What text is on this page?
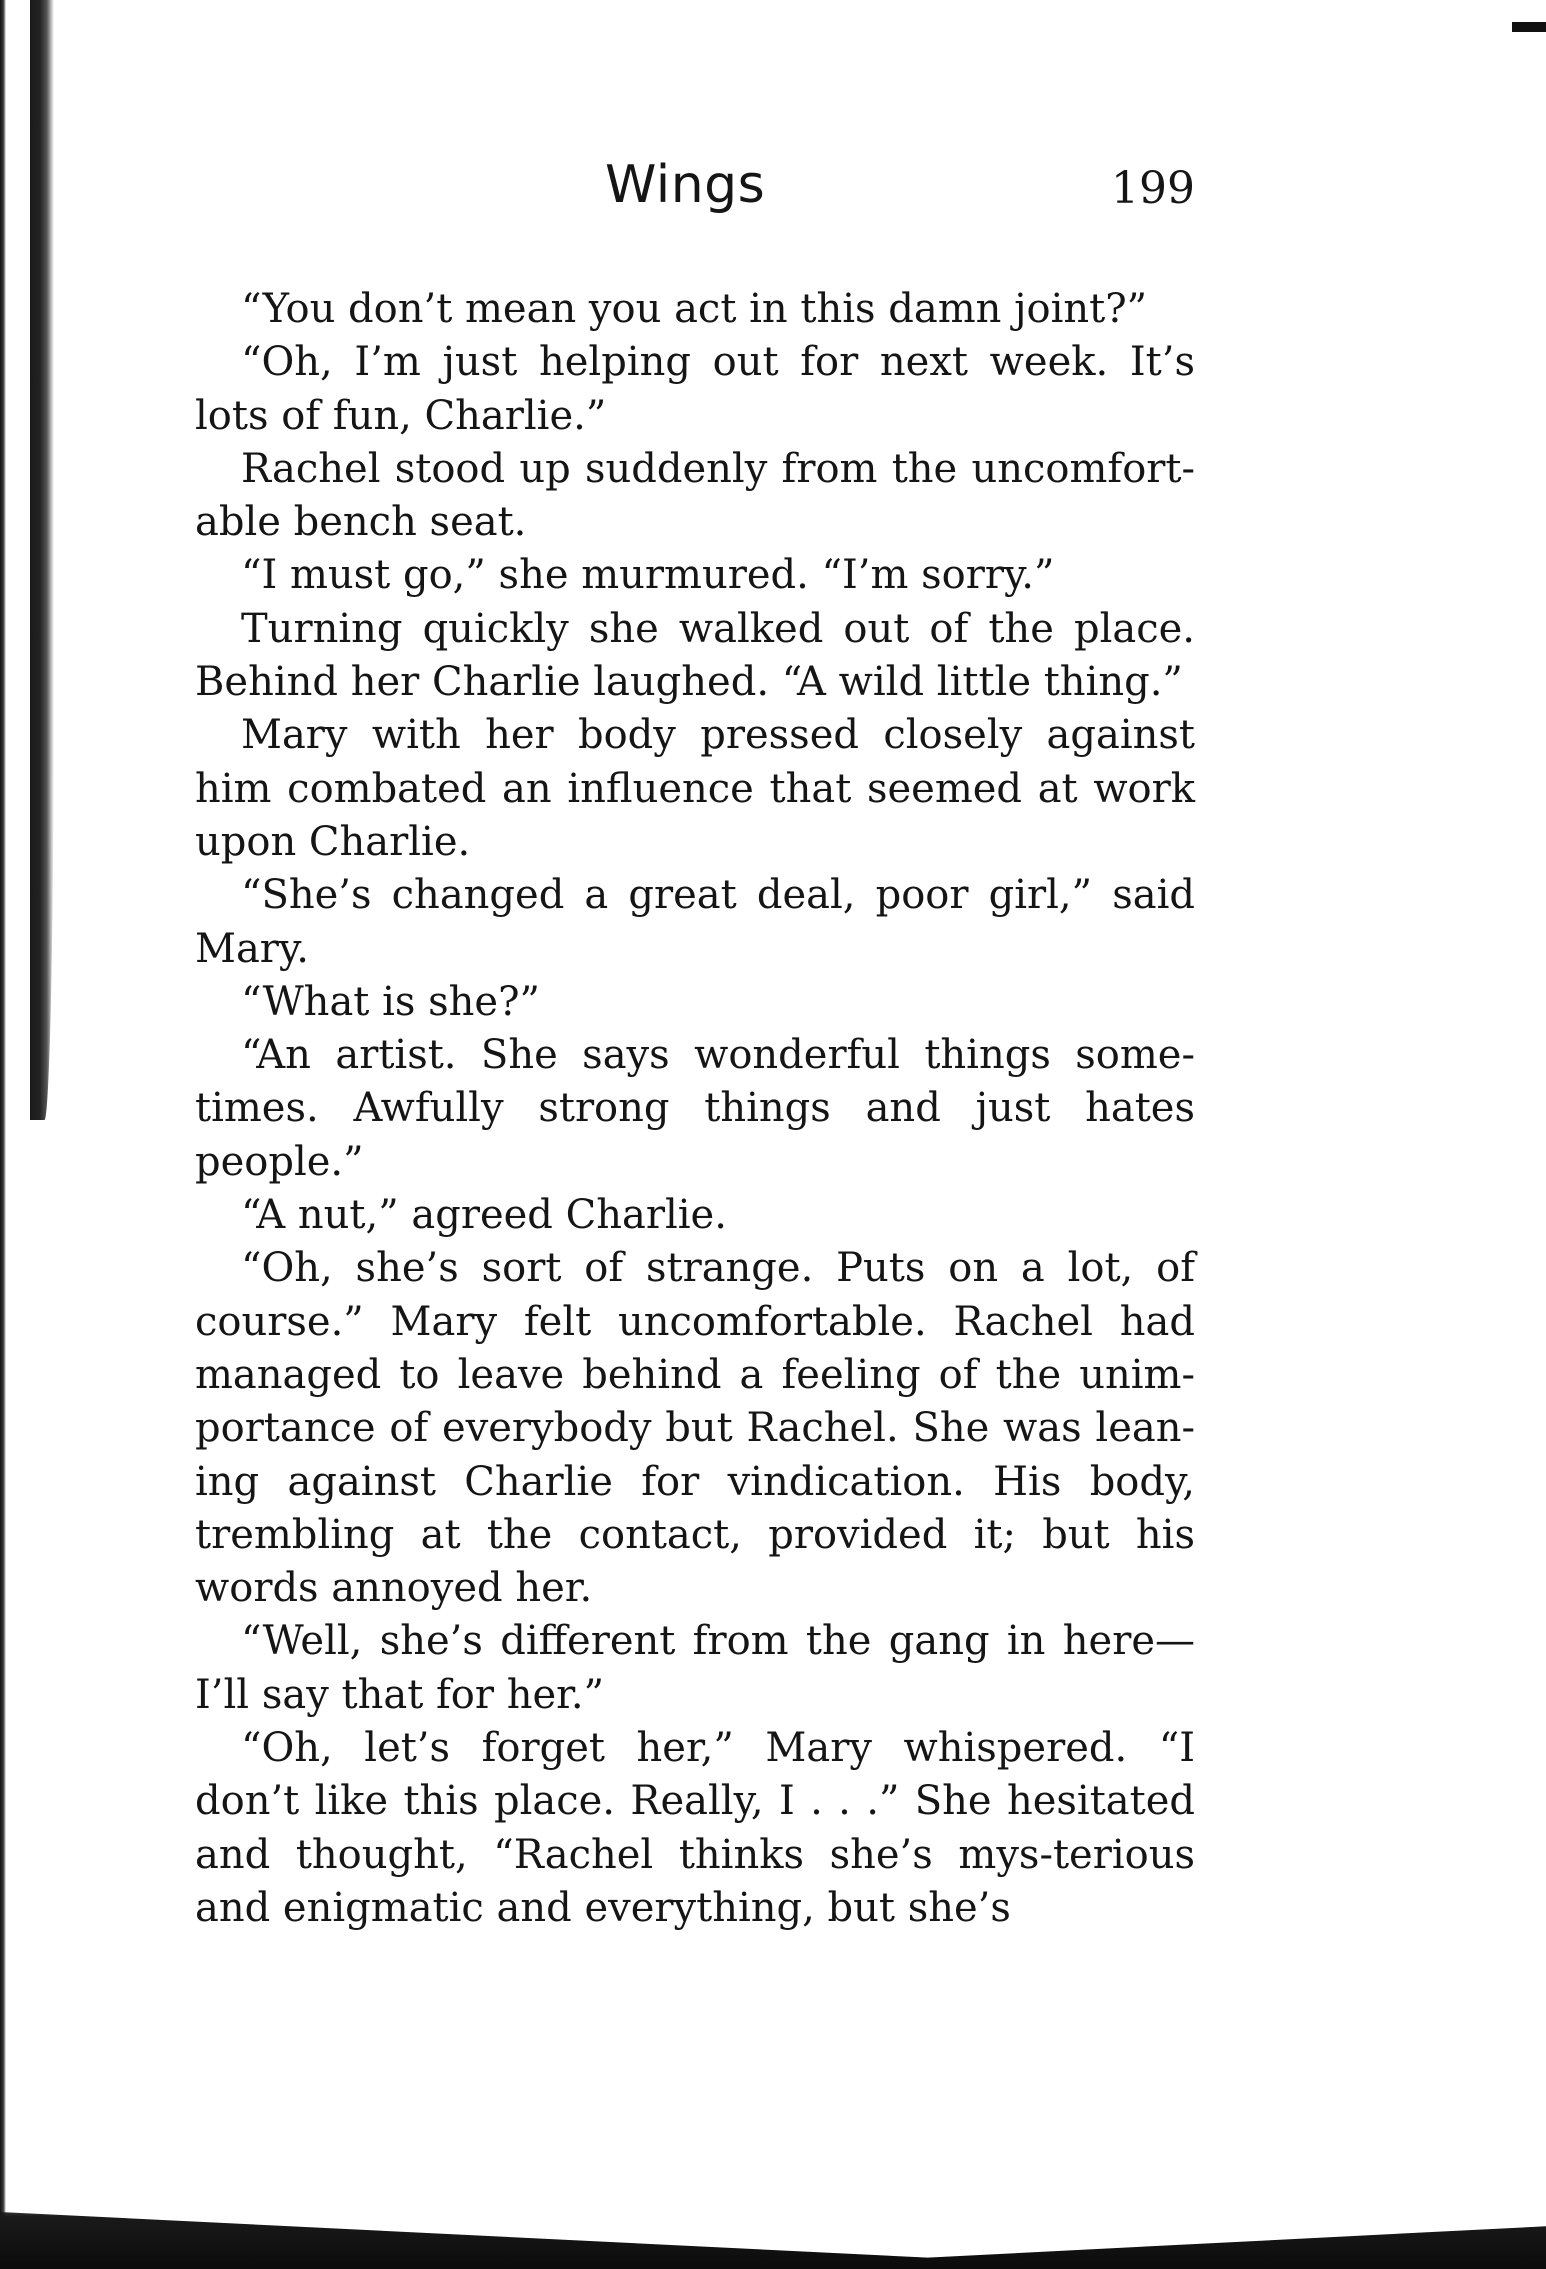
Wings	199

“You don’t mean you act in this damn joint?”

“Oh, I’m just helping out for next week. It’s lots of fun, Charlie.”

Rachel stood up suddenly from the uncomfort-able bench seat.

“I must go,” she murmured. “I’m sorry.”

Turning quickly she walked out of the place. Behind her Charlie laughed. “A wild little thing.”

Mary with her body pressed closely against him combated an influence that seemed at work upon Charlie.

“She’s changed a great deal, poor girl,” said Mary.

“What is she?”

“An artist. She says wonderful things some-times. Awfully strong things and just hates people.”

“A nut,” agreed Charlie.

“Oh, she’s sort of strange. Puts on a lot, of course.” Mary felt uncomfortable. Rachel had managed to leave behind a feeling of the unim-portance of everybody but Rachel. She was lean-ing against Charlie for vindication. His body, trembling at the contact, provided it; but his words annoyed her.

“Well, she’s different from the gang in here—I’ll say that for her.”

“Oh, let’s forget her,” Mary whispered. “I don’t like this place. Really, I . . .” She hesitated and thought, “Rachel thinks she’s mys-terious and enigmatic and everything, but she’s
